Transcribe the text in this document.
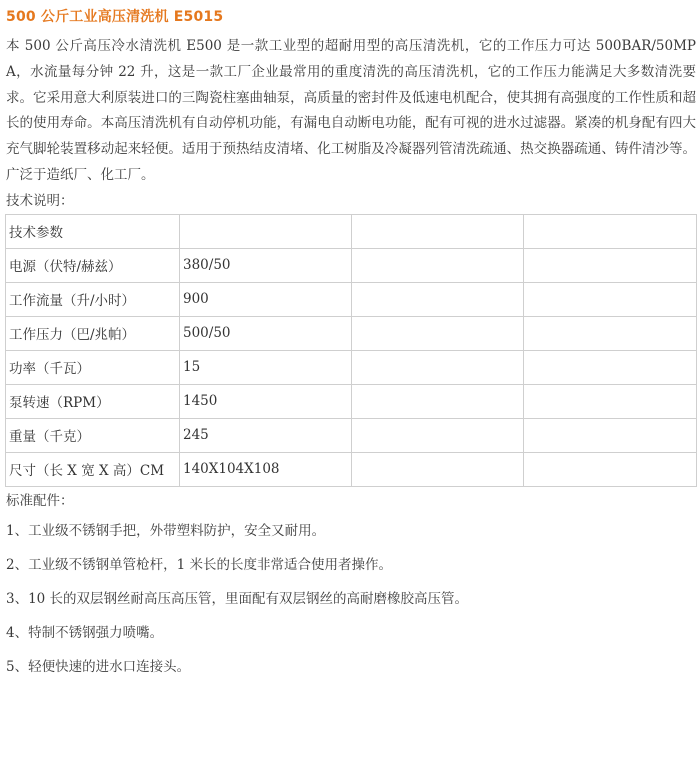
500 公斤工业高压清洗机 E5015

本 500 公斤高压冷水清洗机 E500 是一款工业型的超耐用型的高压清洗机，它的工作压力可达 500BAR/50MPA，水流量每分钟 22 升，这是一款工厂企业最常用的重度清洗的高压清洗机，它的工作压力能满足大多数清洗要求。它采用意大利原装进口的三陶瓷柱塞曲轴泵，高质量的密封件及低速电机配合，使其拥有高强度的工作性质和超长的使用寿命。本高压清洗机有自动停机功能，有漏电自动断电功能，配有可视的进水过滤器。紧凑的机身配有四大充气脚轮装置移动起来轻便。适用于预热结皮清堵、化工树脂及冷凝器列管清洗疏通、热交换器疏通、铸件清沙等。广泛于造纸厂、化工厂。

技术说明：
技术参数			
电源（伏特/赫兹）	380/50		
工作流量（升/小时）	900		
工作压力（巴/兆帕）	500/50		
功率（千瓦）	15		
泵转速（RPM）	1450		
重量（千克）	245		
尺寸（长 X 宽 X 高）CM	140X104X108		
标准配件：
1、工业级不锈钢手把，外带塑料防护，安全又耐用。
2、工业级不锈钢单管枪杆，1 米长的长度非常适合使用者操作。
3、10 长的双层钢丝耐高压高压管，里面配有双层钢丝的高耐磨橡胶高压管。
4、特制不锈钢强力喷嘴。
5、轻便快速的进水口连接头。
